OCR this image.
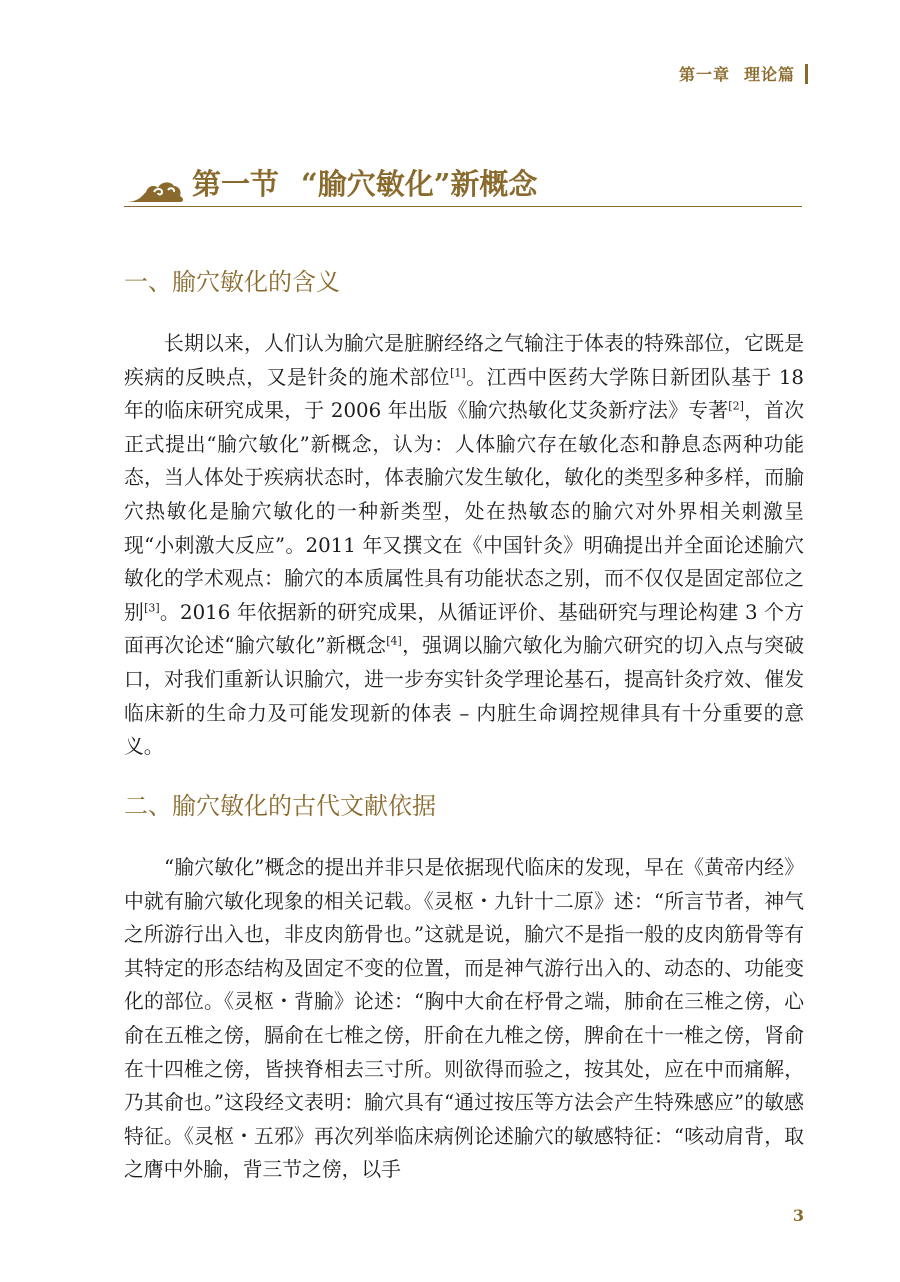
第一章 理论篇
第一节 “腧穴敏化”新概念
一、腧穴敏化的含义

长期以来，人们认为腧穴是脏腑经络之气输注于体表的特殊部位，它既是疾病的反映点，又是针灸的施术部位[1]。江西中医药大学陈日新团队基于 18 年的临床研究成果，于 2006 年出版《腧穴热敏化艾灸新疗法》专著[2]，首次正式提出“腧穴敏化”新概念，认为：人体腧穴存在敏化态和静息态两种功能态，当人体处于疾病状态时，体表腧穴发生敏化，敏化的类型多种多样，而腧穴热敏化是腧穴敏化的一种新类型，处在热敏态的腧穴对外界相关刺激呈现“小刺激大反应”。2011 年又撰文在《中国针灸》明确提出并全面论述腧穴敏化的学术观点：腧穴的本质属性具有功能状态之别，而不仅仅是固定部位之别[3]。2016 年依据新的研究成果，从循证评价、基础研究与理论构建 3 个方面再次论述“腧穴敏化”新概念[4]，强调以腧穴敏化为腧穴研究的切入点与突破口，对我们重新认识腧穴，进一步夯实针灸学理论基石，提高针灸疗效、催发临床新的生命力及可能发现新的体表 – 内脏生命调控规律具有十分重要的意义。

二、腧穴敏化的古代文献依据

“腧穴敏化”概念的提出并非只是依据现代临床的发现，早在《黄帝内经》中就有腧穴敏化现象的相关记载。《灵枢・九针十二原》述：“所言节者，神气之所游行出入也，非皮肉筋骨也。”这就是说，腧穴不是指一般的皮肉筋骨等有其特定的形态结构及固定不变的位置，而是神气游行出入的、动态的、功能变化的部位。《灵枢・背腧》论述：“胸中大俞在杼骨之端，肺俞在三椎之傍，心俞在五椎之傍，膈俞在七椎之傍，肝俞在九椎之傍，脾俞在十一椎之傍，肾俞在十四椎之傍，皆挟脊相去三寸所。则欲得而验之，按其处，应在中而痛解，乃其俞也。”这段经文表明：腧穴具有“通过按压等方法会产生特殊感应”的敏感特征。《灵枢・五邪》再次列举临床病例论述腧穴的敏感特征：“咳动肩背，取之膺中外腧，背三节之傍，以手

3
